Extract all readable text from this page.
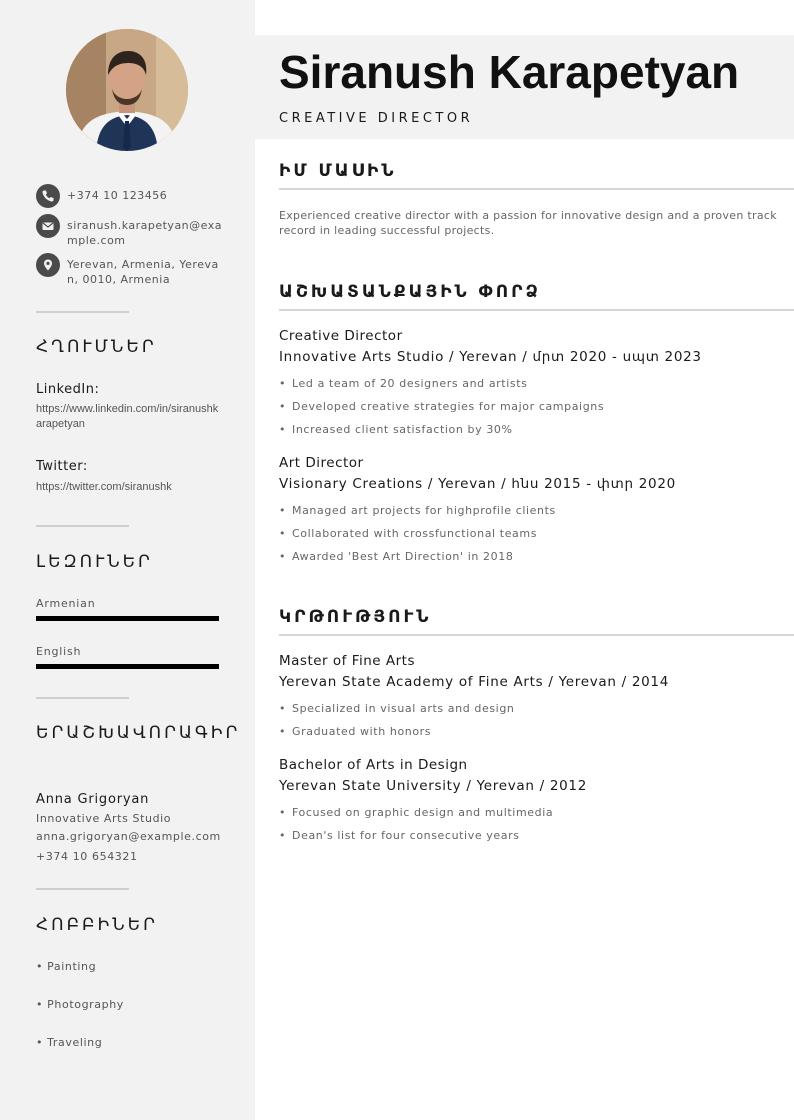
+374 10 123456
siranush.karapetyan@example.com
Yerevan, Armenia, Yerevan, 0010, Armenia
ՀՂՈՒՄՆԵՐ
LinkedIn:
https://www.linkedin.com/in/siranushkarapetyan
Twitter:
https://twitter.com/siranushk
ԼԵԶՈՒՆԵՐ
Armenian
English
ԵՐԱՇԽԱՎՈՐԱԳԻՐ
Anna Grigoryan
Innovative Arts Studio
anna.grigoryan@example.com
+374 10 654321
ՀՈԲԲԻՆԵՐ
• Painting
• Photography
• Traveling
Siranush Karapetyan
CREATIVE DIRECTOR
ԻՄ ՄԱՍԻՆ

Experienced creative director with a passion for innovative design and a proven track record in leading successful projects.

ԱՇԽԱՏԱՆՔԱՅԻՆ ՓՈՐՁ
Creative Director
Innovative Arts Studio / Yerevan / մրտ 2020 - սպտ 2023
• Led a team of 20 designers and artists
• Developed creative strategies for major campaigns
• Increased client satisfaction by 30%
Art Director
Visionary Creations / Yerevan / հնս 2015 - փտր 2020
• Managed art projects for highprofile clients
• Collaborated with crossfunctional teams
• Awarded 'Best Art Direction' in 2018
ԿՐԹՈՒԹՅՈՒՆ
Master of Fine Arts
Yerevan State Academy of Fine Arts / Yerevan / 2014
• Specialized in visual arts and design
• Graduated with honors
Bachelor of Arts in Design
Yerevan State University / Yerevan / 2012
• Focused on graphic design and multimedia
• Dean's list for four consecutive years
